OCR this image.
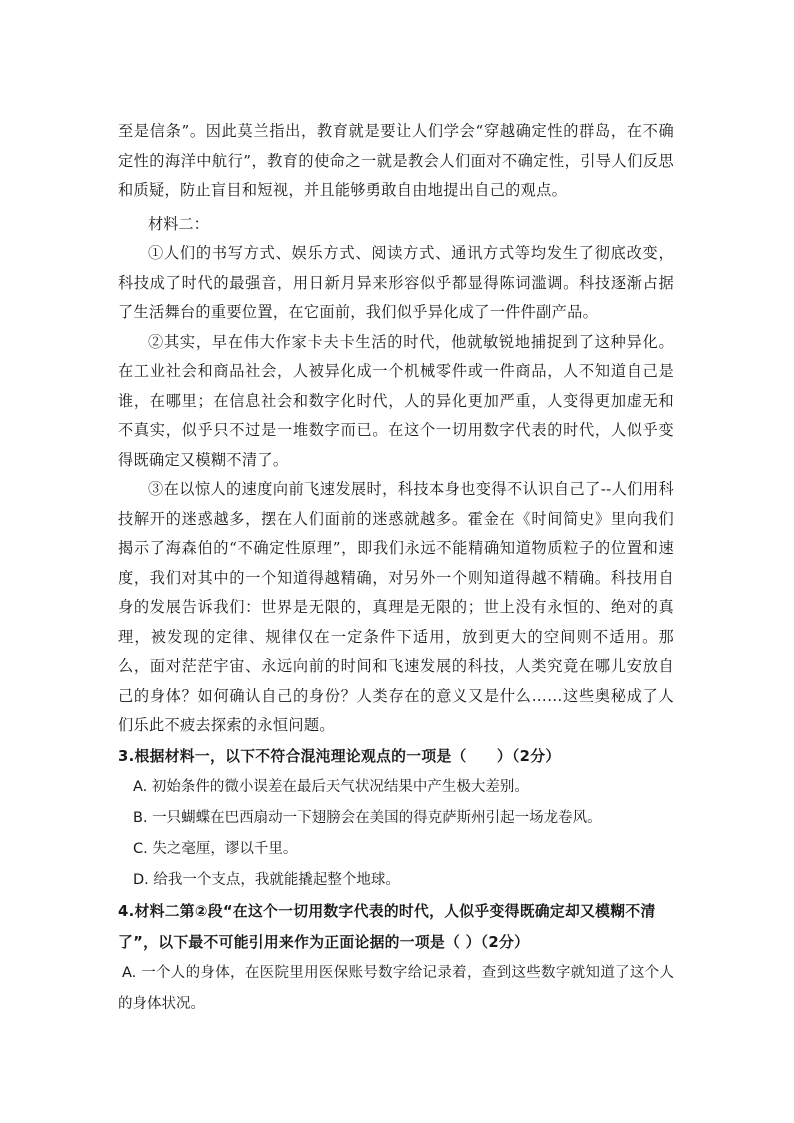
至是信条”。因此莫兰指出，教育就是要让人们学会“穿越确定性的群岛，在不确定性的海洋中航行”，教育的使命之一就是教会人们面对不确定性，引导人们反思和质疑，防止盲目和短视，并且能够勇敢自由地提出自己的观点。

材料二：

①人们的书写方式、娱乐方式、阅读方式、通讯方式等均发生了彻底改变，科技成了时代的最强音，用日新月异来形容似乎都显得陈词滥调。科技逐渐占据了生活舞台的重要位置，在它面前，我们似乎异化成了一件件副产品。

②其实，早在伟大作家卡夫卡生活的时代，他就敏锐地捕捉到了这种异化。在工业社会和商品社会，人被异化成一个机械零件或一件商品，人不知道自己是谁，在哪里；在信息社会和数字化时代，人的异化更加严重，人变得更加虚无和不真实，似乎只不过是一堆数字而已。在这个一切用数字代表的时代，人似乎变得既确定又模糊不清了。

③在以惊人的速度向前飞速发展时，科技本身也变得不认识自己了--人们用科技解开的迷惑越多，摆在人们面前的迷惑就越多。霍金在《时间简史》里向我们揭示了海森伯的“不确定性原理”，即我们永远不能精确知道物质粒子的位置和速度，我们对其中的一个知道得越精确，对另外一个则知道得越不精确。科技用自身的发展告诉我们：世界是无限的，真理是无限的；世上没有永恒的、绝对的真理，被发现的定律、规律仅在一定条件下适用，放到更大的空间则不适用。那么，面对茫茫宇宙、永远向前的时间和飞速发展的科技，人类究竟在哪儿安放自己的身体？如何确认自己的身份？人类存在的意义又是什么……这些奥秘成了人们乐此不疲去探索的永恒问题。

3.根据材料一，以下不符合混沌理论观点的一项是（　　）（2分）

A. 初始条件的微小误差在最后天气状况结果中产生极大差别。

B. 一只蝴蝶在巴西扇动一下翅膀会在美国的得克萨斯州引起一场龙卷风。

C. 失之毫厘，谬以千里。

D. 给我一个支点，我就能撬起整个地球。

4.材料二第②段“在这个一切用数字代表的时代，人似乎变得既确定却又模糊不清了”，以下最不可能引用来作为正面论据的一项是（ ）（2分）

A. 一个人的身体，在医院里用医保账号数字给记录着，查到这些数字就知道了这个人的身体状况。
